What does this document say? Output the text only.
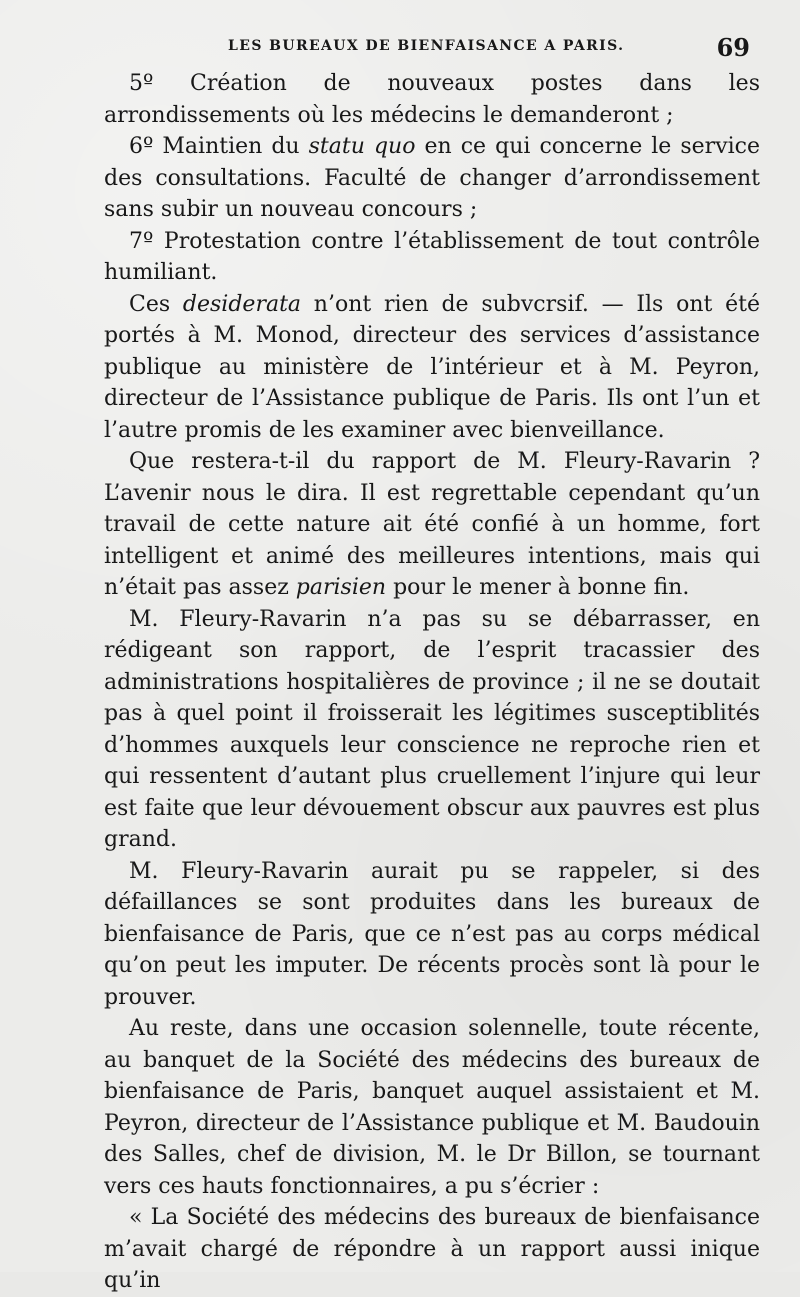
LES BUREAUX DE BIENFAISANCE A PARIS.	69

5º Création de nouveaux postes dans les arrondissements où les médecins le demanderont ;

6º Maintien du statu quo en ce qui concerne le service des consultations. Faculté de changer d’arrondissement sans subir un nouveau concours ;

7º Protestation contre l’établissement de tout contrôle humiliant.

Ces desiderata n’ont rien de subvcrsif. — Ils ont été portés à M. Monod, directeur des services d’assistance publique au ministère de l’intérieur et à M. Peyron, directeur de l’Assistance publique de Paris. Ils ont l’un et l’autre promis de les examiner avec bienveillance.

Que restera-t-il du rapport de M. Fleury-Ravarin ? L’avenir nous le dira. Il est regrettable cependant qu’un travail de cette nature ait été confié à un homme, fort intelligent et animé des meilleures intentions, mais qui n’était pas assez parisien pour le mener à bonne fin.

M. Fleury-Ravarin n’a pas su se débarrasser, en rédigeant son rapport, de l’esprit tracassier des administrations hospitalières de province ; il ne se doutait pas à quel point il froisserait les légitimes susceptiblités d’hommes auxquels leur conscience ne reproche rien et qui ressentent d’autant plus cruellement l’injure qui leur est faite que leur dévouement obscur aux pauvres est plus grand.

M. Fleury-Ravarin aurait pu se rappeler, si des défaillances se sont produites dans les bureaux de bienfaisance de Paris, que ce n’est pas au corps médical qu’on peut les imputer. De récents procès sont là pour le prouver.

Au reste, dans une occasion solennelle, toute récente, au banquet de la Société des médecins des bureaux de bienfaisance de Paris, banquet auquel assistaient et M. Peyron, directeur de l’Assistance publique et M. Baudouin des Salles, chef de division, M. le Dr Billon, se tournant vers ces hauts fonctionnaires, a pu s’écrier :

« La Société des médecins des bureaux de bienfaisance m’avait chargé de répondre à un rapport aussi inique qu’in
